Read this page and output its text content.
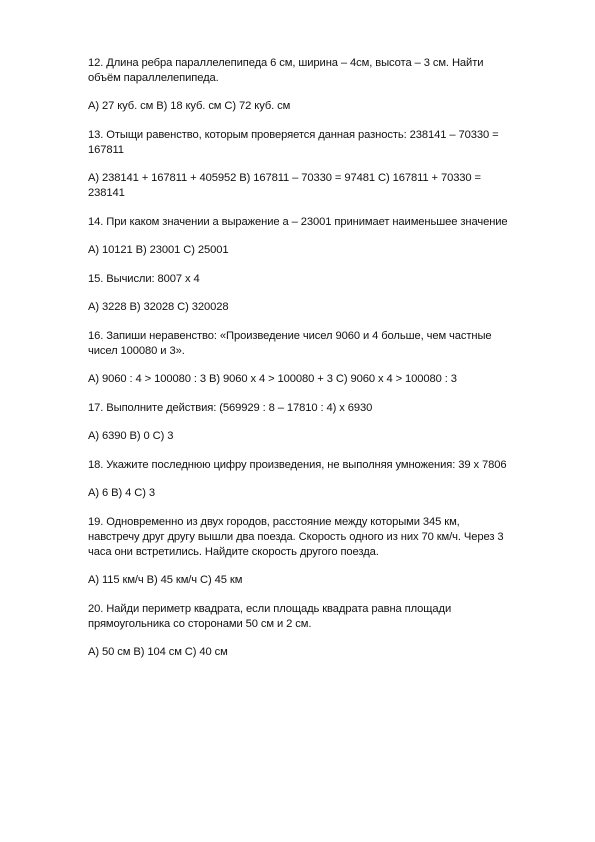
12. Длина ребра параллелепипеда 6 см, ширина – 4см, высота – 3 см. Найти
объём параллелепипеда.
А) 27 куб. см В) 18 куб. см С) 72 куб. см
13. Отыщи равенство, которым проверяется данная разность: 238141 – 70330 =
167811
А) 238141 + 167811 + 405952 В) 167811 – 70330 = 97481 С) 167811 + 70330 =
238141
14. При каком значении а выражение а – 23001 принимает наименьшее значение
А) 10121 В) 23001 С) 25001
15. Вычисли: 8007 х 4
А) 3228 В) 32028 С) 320028
16. Запиши неравенство: «Произведение чисел 9060 и 4 больше, чем частные
чисел 100080 и 3».
А) 9060 : 4 > 100080 : 3 В) 9060 х 4 > 100080 + 3 С) 9060 х 4 > 100080 : 3
17. Выполните действия: (569929 : 8 – 17810 : 4) х 6930
А) 6390 В) 0 С) 3
18. Укажите последнюю цифру произведения, не выполняя умножения: 39 х 7806
А) 6 В) 4 С) 3
19. Одновременно из двух городов, расстояние между которыми 345 км,
навстречу друг другу вышли два поезда. Скорость одного из них 70 км/ч. Через 3
часа они встретились. Найдите скорость другого поезда.
А) 115 км/ч В) 45 км/ч С) 45 км
20. Найди периметр квадрата, если площадь квадрата равна площади
прямоугольника со сторонами 50 см и 2 см.
А) 50 см В) 104 см С) 40 см
